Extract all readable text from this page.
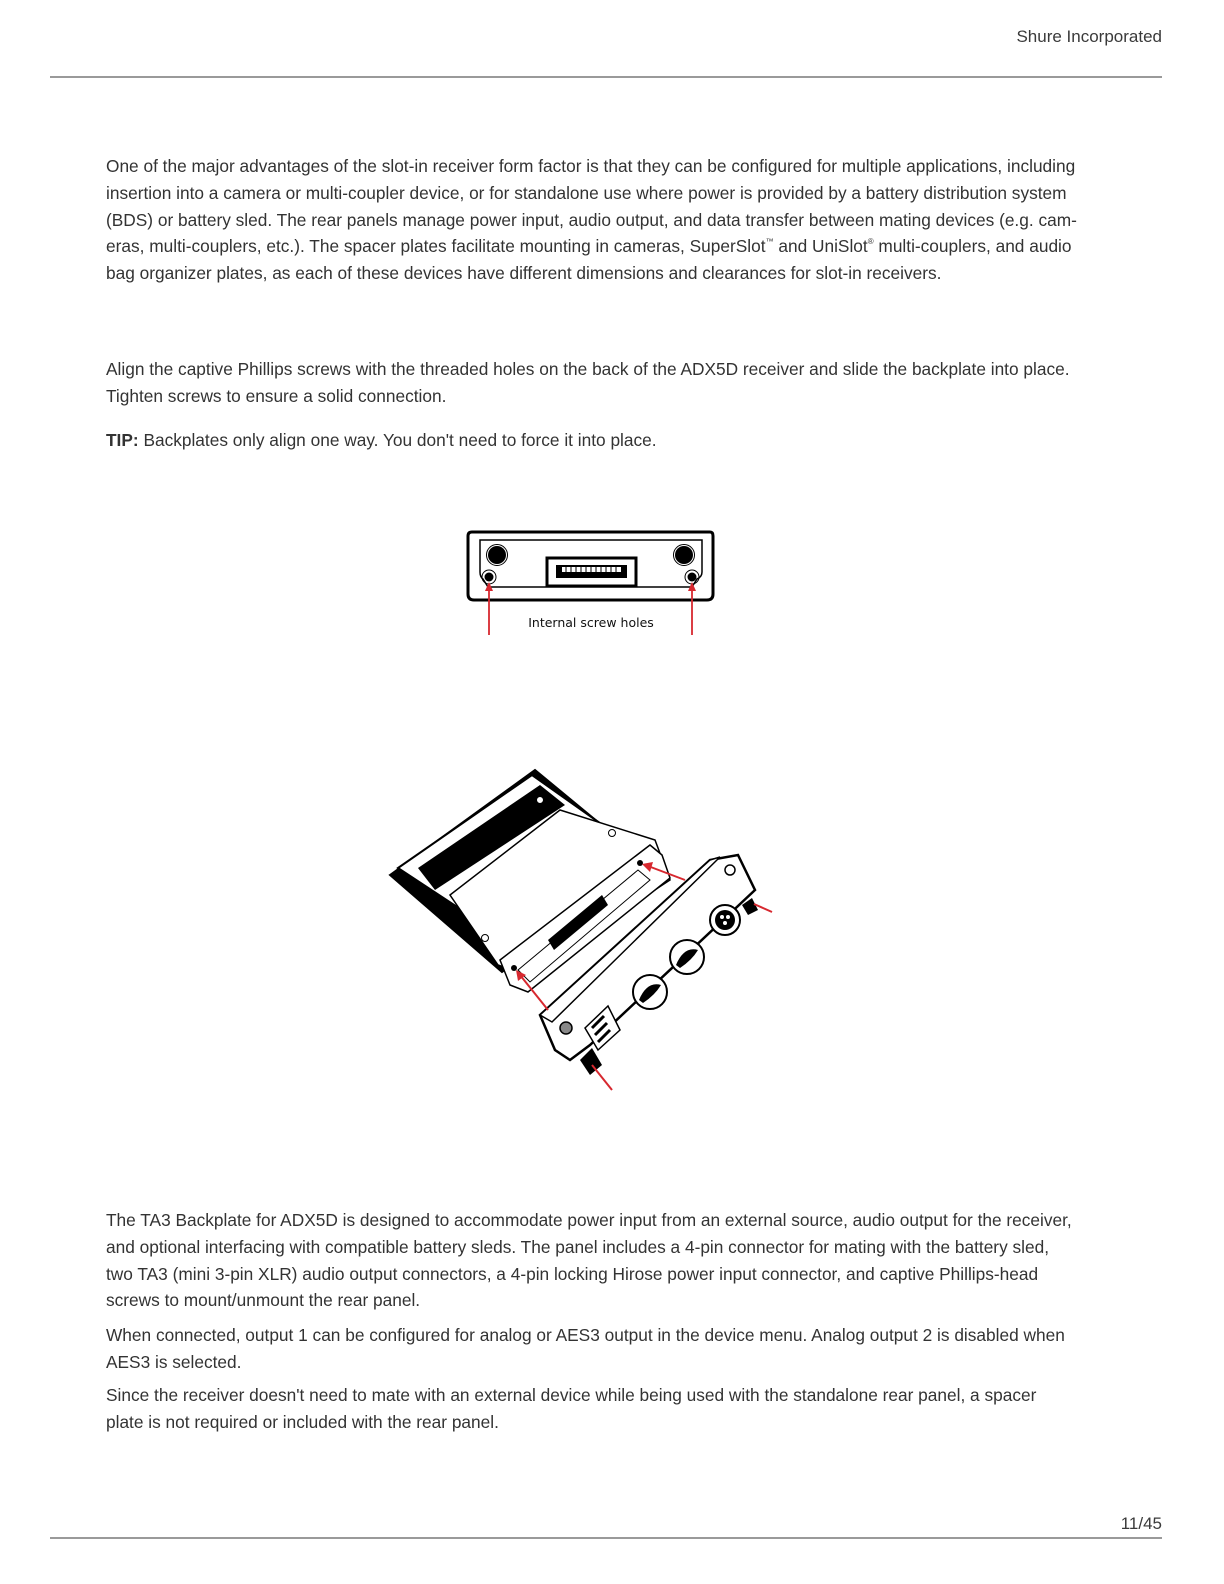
Shure Incorporated

One of the major advantages of the slot-in receiver form factor is that they can be configured for multiple applications, including
insertion into a camera or multi-coupler device, or for standalone use where power is provided by a battery distribution system
(BDS) or battery sled. The rear panels manage power input, audio output, and data transfer between mating devices (e.g. cam-
eras, multi-couplers, etc.). The spacer plates facilitate mounting in cameras, SuperSlot™ and UniSlot® multi-couplers, and audio
bag organizer plates, as each of these devices have different dimensions and clearances for slot-in receivers.

Align the captive Phillips screws with the threaded holes on the back of the ADX5D receiver and slide the backplate into place.
Tighten screws to ensure a solid connection.

TIP: Backplates only align one way. You don't need to force it into place.

Internal screw holes

The TA3 Backplate for ADX5D is designed to accommodate power input from an external source, audio output for the receiver,
and optional interfacing with compatible battery sleds. The panel includes a 4-pin connector for mating with the battery sled,
two TA3 (mini 3-pin XLR) audio output connectors, a 4-pin locking Hirose power input connector, and captive Phillips-head
screws to mount/unmount the rear panel.

When connected, output 1 can be configured for analog or AES3 output in the device menu. Analog output 2 is disabled when
AES3 is selected.

Since the receiver doesn't need to mate with an external device while being used with the standalone rear panel, a spacer
plate is not required or included with the rear panel.

11/45
